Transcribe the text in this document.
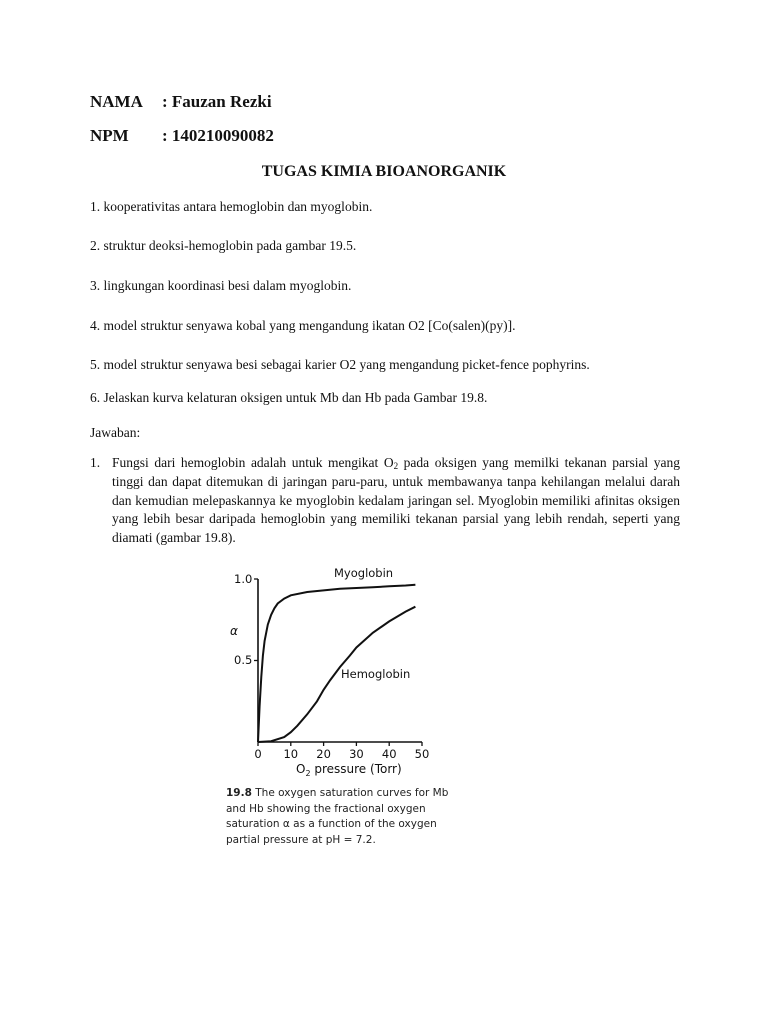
NAMA : Fauzan Rezki
NPM : 140210090082
TUGAS KIMIA BIOANORGANIK
1. kooperativitas antara hemoglobin dan myoglobin.
2. struktur deoksi-hemoglobin pada gambar 19.5.
3. lingkungan koordinasi besi dalam myoglobin.
4. model struktur senyawa kobal yang mengandung ikatan O2 [Co(salen)(py)].
5. model struktur senyawa besi sebagai karier O2 yang mengandung picket-fence pophyrins.
6. Jelaskan kurva kelaturan oksigen untuk Mb dan Hb pada Gambar 19.8.
Jawaban:
1. Fungsi dari hemoglobin adalah untuk mengikat $O_2$ pada oksigen yang memilki tekanan parsial yang tinggi dan dapat ditemukan di jaringan paru-paru, untuk membawanya tanpa kehilangan melalui darah dan kemudian melepaskannya ke myoglobin kedalam jaringan sel. Myoglobin memiliki afinitas oksigen yang lebih besar daripada hemoglobin yang memiliki tekanan parsial yang lebih rendah, seperti yang diamati (gambar 19.8).
1.0
0.5
α
0 10 20 30 40 50
$O_2$ pressure (Torr)
Myoglobin
Hemoglobin
19.8 The oxygen saturation curves for Mb and Hb showing the fractional oxygen saturation α as a function of the oxygen partial pressure at pH = 7.2.
